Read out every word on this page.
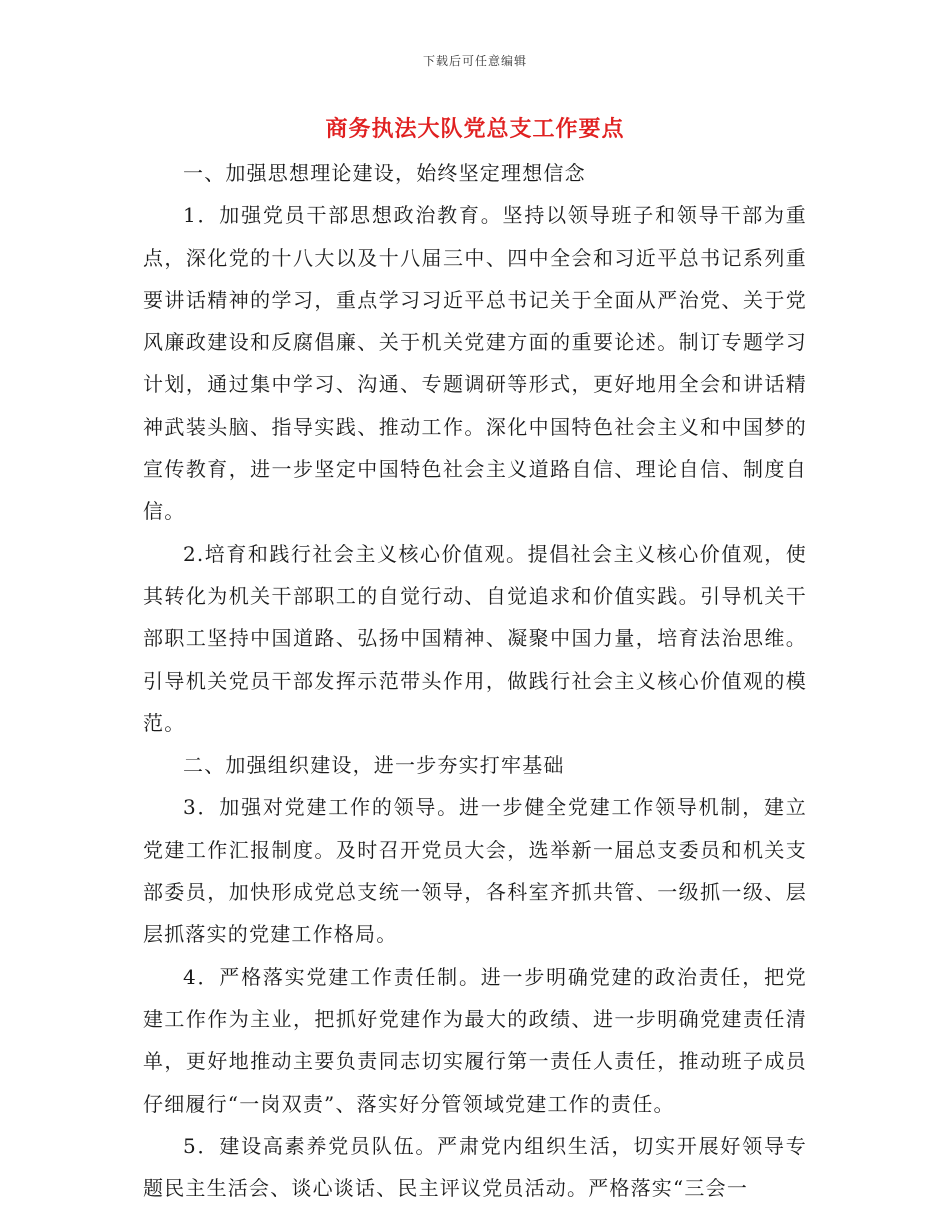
下载后可任意编辑
商务执法大队党总支工作要点

一、加强思想理论建设，始终坚定理想信念

1．加强党员干部思想政治教育。坚持以领导班子和领导干部为重点，深化党的十八大以及十八届三中、四中全会和习近平总书记系列重要讲话精神的学习，重点学习习近平总书记关于全面从严治党、关于党风廉政建设和反腐倡廉、关于机关党建方面的重要论述。制订专题学习计划，通过集中学习、沟通、专题调研等形式，更好地用全会和讲话精神武装头脑、指导实践、推动工作。深化中国特色社会主义和中国梦的宣传教育，进一步坚定中国特色社会主义道路自信、理论自信、制度自信。

2.培育和践行社会主义核心价值观。提倡社会主义核心价值观，使其转化为机关干部职工的自觉行动、自觉追求和价值实践。引导机关干部职工坚持中国道路、弘扬中国精神、凝聚中国力量，培育法治思维。引导机关党员干部发挥示范带头作用，做践行社会主义核心价值观的模范。

二、加强组织建设，进一步夯实打牢基础

3．加强对党建工作的领导。进一步健全党建工作领导机制，建立党建工作汇报制度。及时召开党员大会，选举新一届总支委员和机关支部委员，加快形成党总支统一领导，各科室齐抓共管、一级抓一级、层层抓落实的党建工作格局。

4．严格落实党建工作责任制。进一步明确党建的政治责任，把党建工作作为主业，把抓好党建作为最大的政绩、进一步明确党建责任清单，更好地推动主要负责同志切实履行第一责任人责任，推动班子成员仔细履行“一岗双责”、落实好分管领域党建工作的责任。

5．建设高素养党员队伍。严肃党内组织生活，切实开展好领导专题民主生活会、谈心谈话、民主评议党员活动。严格落实“三会一
